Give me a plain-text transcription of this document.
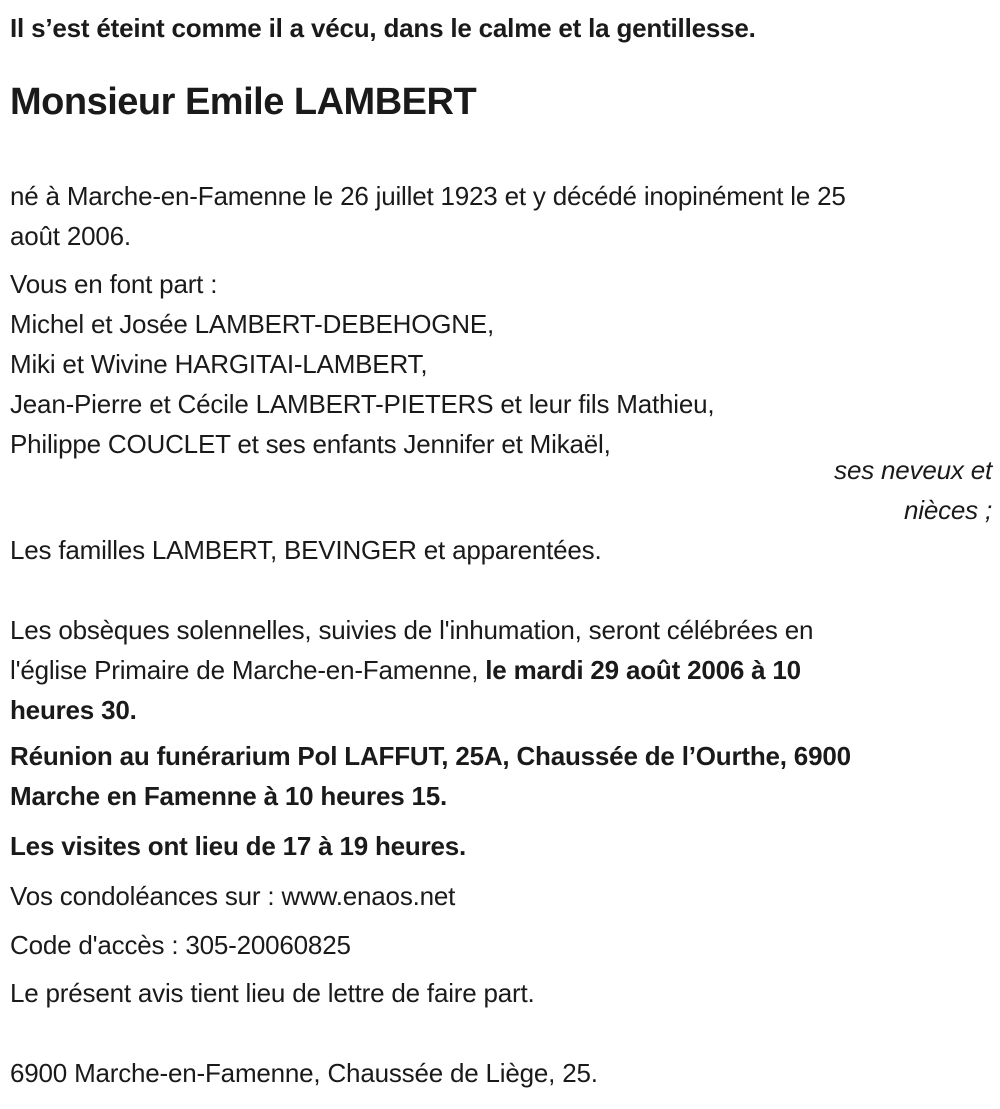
Il s’est éteint comme il a vécu, dans le calme et la gentillesse.

Monsieur Emile LAMBERT

né à Marche-en-Famenne le 26 juillet 1923 et y décédé inopinément le 25
août 2006.

Vous en font part :
Michel et Josée LAMBERT-DEBEHOGNE,
Miki et Wivine HARGITAI-LAMBERT,
Jean-Pierre et Cécile LAMBERT-PIETERS et leur fils Mathieu,
Philippe COUCLET et ses enfants Jennifer et Mikaël,

ses neveux et
nièces ;

Les familles LAMBERT, BEVINGER et apparentées.

Les obsèques solennelles, suivies de l'inhumation, seront célébrées en
l'église Primaire de Marche-en-Famenne, le mardi 29 août 2006 à 10
heures 30.

Réunion au funérarium Pol LAFFUT, 25A, Chaussée de l’Ourthe, 6900
Marche en Famenne à 10 heures 15.

Les visites ont lieu de 17 à 19 heures.

Vos condoléances sur : www.enaos.net

Code d'accès : 305-20060825

Le présent avis tient lieu de lettre de faire part.

6900 Marche-en-Famenne, Chaussée de Liège, 25.
